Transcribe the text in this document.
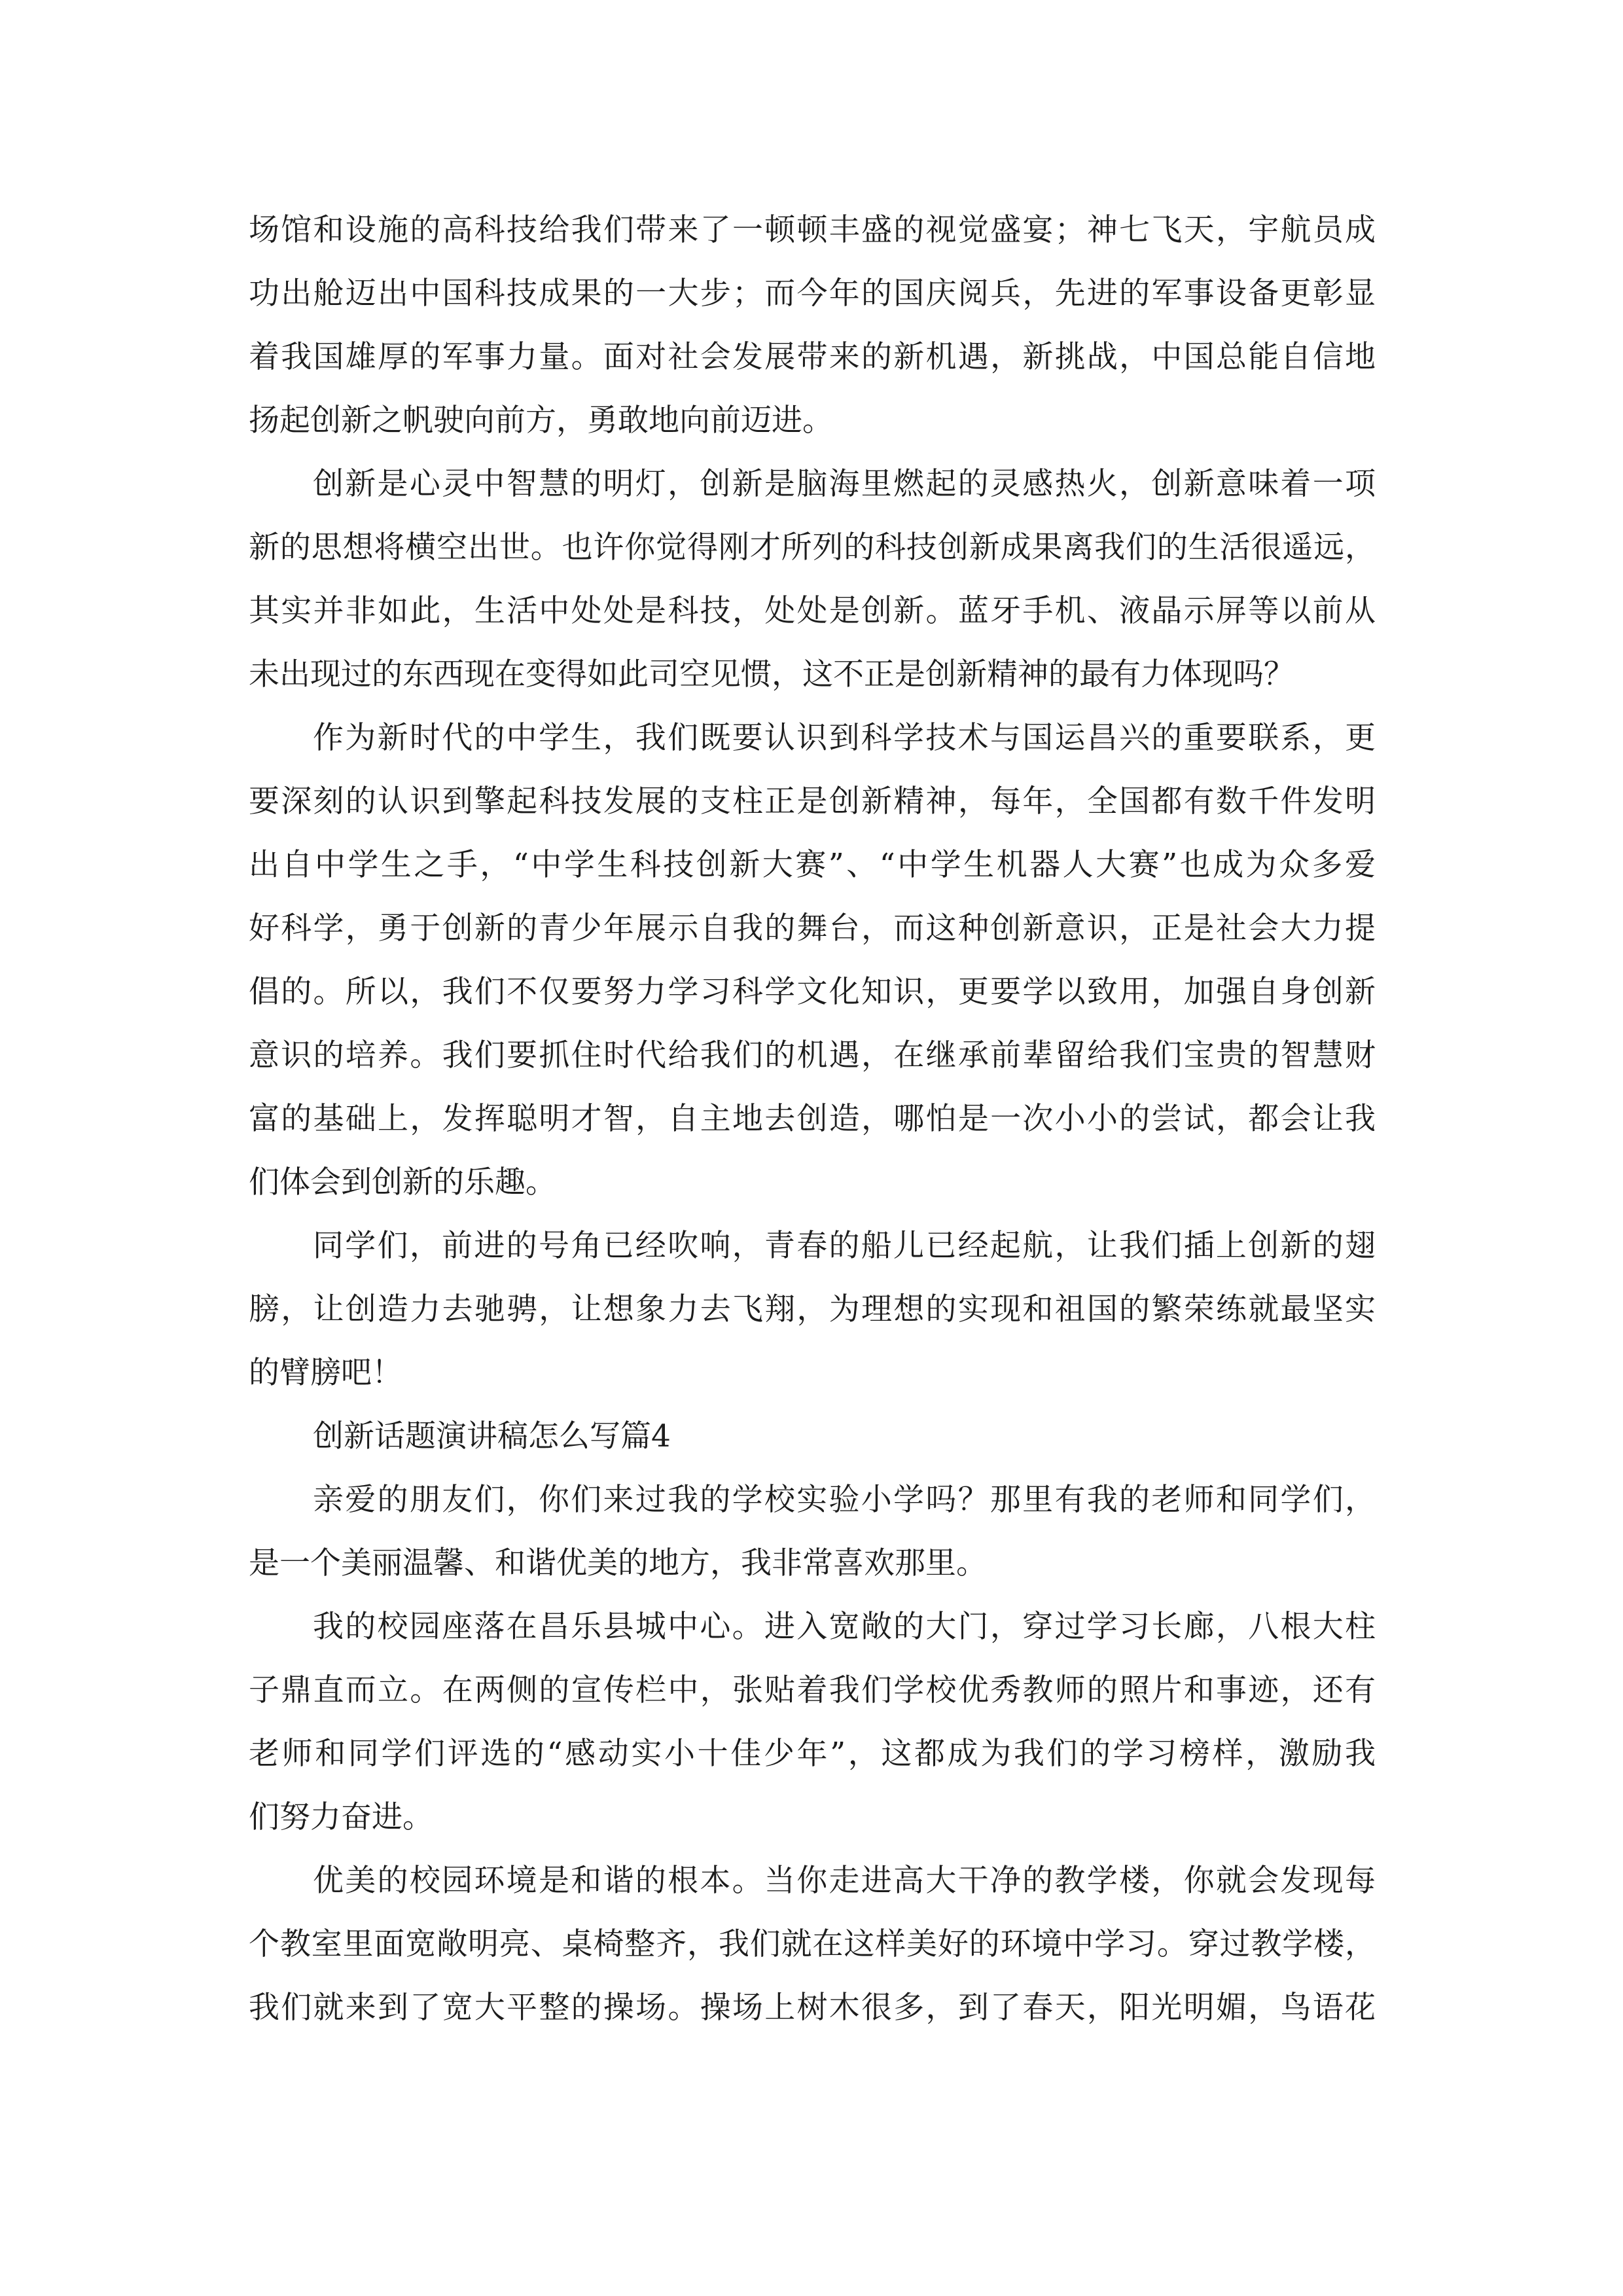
场馆和设施的高科技给我们带来了一顿顿丰盛的视觉盛宴；神七飞天，宇航员成
功出舱迈出中国科技成果的一大步；而今年的国庆阅兵，先进的军事设备更彰显
着我国雄厚的军事力量。面对社会发展带来的新机遇，新挑战，中国总能自信地
扬起创新之帆驶向前方，勇敢地向前迈进。
创新是心灵中智慧的明灯，创新是脑海里燃起的灵感热火，创新意味着一项
新的思想将横空出世。也许你觉得刚才所列的科技创新成果离我们的生活很遥远，
其实并非如此，生活中处处是科技，处处是创新。蓝牙手机、液晶示屏等以前从
未出现过的东西现在变得如此司空见惯，这不正是创新精神的最有力体现吗？
作为新时代的中学生，我们既要认识到科学技术与国运昌兴的重要联系，更
要深刻的认识到擎起科技发展的支柱正是创新精神，每年，全国都有数千件发明
出自中学生之手，“中学生科技创新大赛”、“中学生机器人大赛”也成为众多爱
好科学，勇于创新的青少年展示自我的舞台，而这种创新意识，正是社会大力提
倡的。所以，我们不仅要努力学习科学文化知识，更要学以致用，加强自身创新
意识的培养。我们要抓住时代给我们的机遇，在继承前辈留给我们宝贵的智慧财
富的基础上，发挥聪明才智，自主地去创造，哪怕是一次小小的尝试，都会让我
们体会到创新的乐趣。
同学们，前进的号角已经吹响，青春的船儿已经起航，让我们插上创新的翅
膀，让创造力去驰骋，让想象力去飞翔，为理想的实现和祖国的繁荣练就最坚实
的臂膀吧！
创新话题演讲稿怎么写篇4
亲爱的朋友们，你们来过我的学校实验小学吗？那里有我的老师和同学们，
是一个美丽温馨、和谐优美的地方，我非常喜欢那里。
我的校园座落在昌乐县城中心。进入宽敞的大门，穿过学习长廊，八根大柱
子鼎直而立。在两侧的宣传栏中，张贴着我们学校优秀教师的照片和事迹，还有
老师和同学们评选的“感动实小十佳少年”，这都成为我们的学习榜样，激励我
们努力奋进。
优美的校园环境是和谐的根本。当你走进高大干净的教学楼，你就会发现每
个教室里面宽敞明亮、桌椅整齐，我们就在这样美好的环境中学习。穿过教学楼，
我们就来到了宽大平整的操场。操场上树木很多，到了春天，阳光明媚，鸟语花
